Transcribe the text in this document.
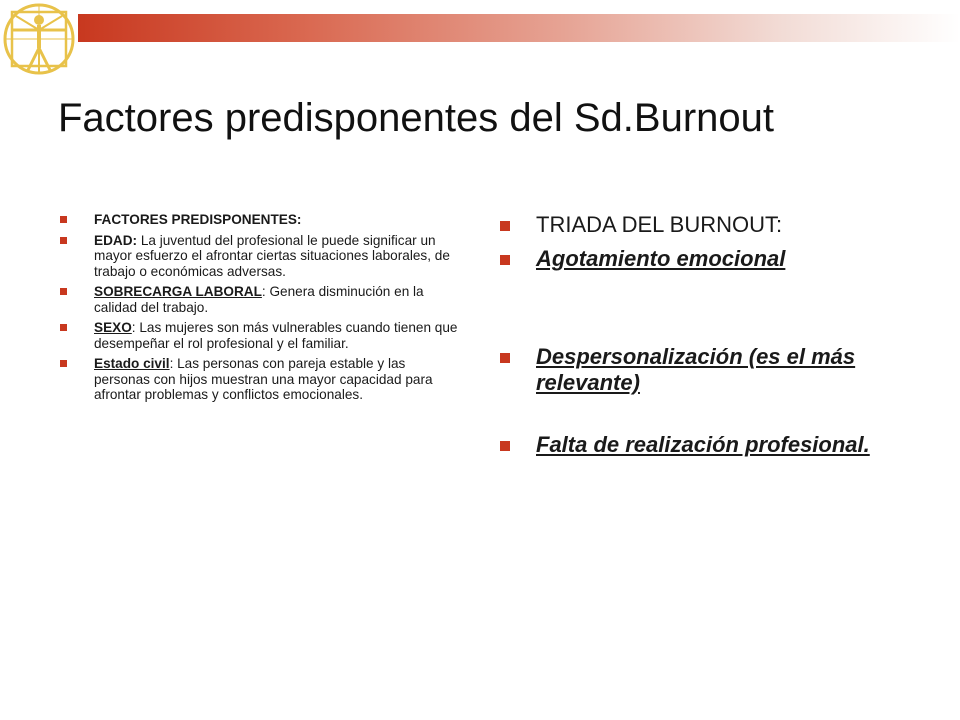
Factores predisponentes del Sd.Burnout
FACTORES PREDISPONENTES:
EDAD: La juventud del profesional le puede significar un mayor esfuerzo el afrontar ciertas situaciones laborales, de trabajo o económicas adversas.
SOBRECARGA LABORAL: Genera disminución en la calidad del trabajo.
SEXO: Las mujeres son más vulnerables cuando tienen que desempeñar el rol profesional y el familiar.
Estado civil: Las personas con pareja estable y las personas con hijos muestran una mayor capacidad para afrontar problemas y conflictos emocionales.
TRIADA DEL BURNOUT:
Agotamiento emocional
Despersonalización (es el más relevante)
Falta de realización profesional.
